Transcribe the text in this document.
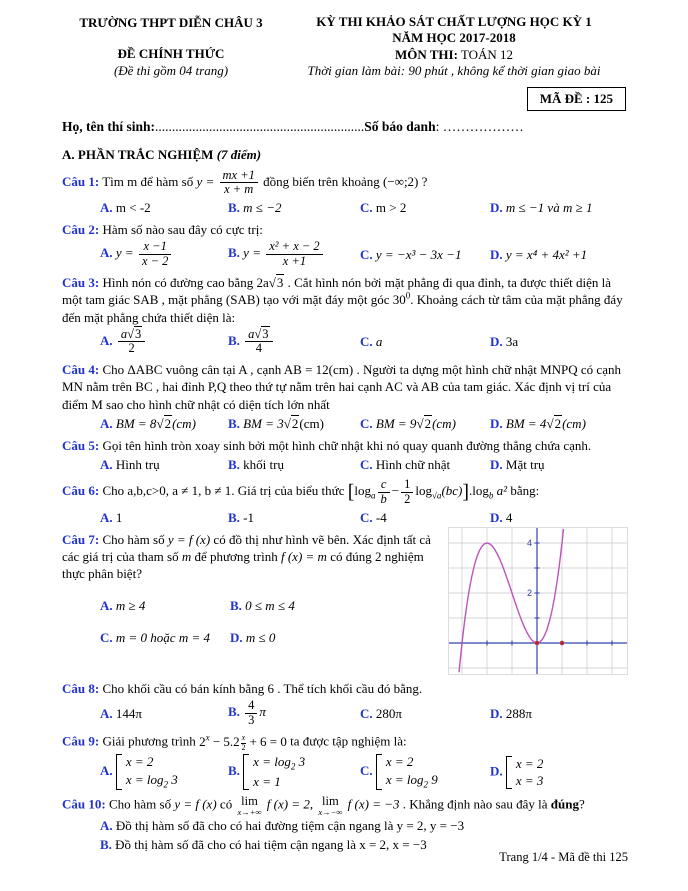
TRƯỜNG THPT DIỄN CHÂU 3
ĐỀ CHÍNH THỨC
(Đề thi gồm 04 trang)
KỲ THI KHẢO SÁT CHẤT LƯỢNG HỌC KỲ 1
NĂM HỌC 2017-2018
MÔN THI: TOÁN 12
Thời gian làm bài: 90 phút , không kể thời gian giao bài
MÃ ĐỀ : 125
Họ, tên thí sinh:..............................................................Số báo danh: ………………
A. PHẦN TRẮC NGHIỆM (7 điểm)
Câu 1: Tìm m để hàm số $y = \frac{mx +1}{x + m}$ đồng biến trên khoảng (−∞;2) ?
A. m < -2	B. m ≤ −2	C. m > 2	D. m ≤ −1 và m ≥ 1
Câu 2: Hàm số nào sau đây có cực trị:
A. $y = \frac{x -1}{x - 2}$	B. $y = \frac{\text{x² + x − 2}}{x +1}$	C. y = −x³ − 3x −1	D. y = x⁴ + 4x² +1
Câu 3: Hình nón có đường cao bằng 2a√3 . Cắt hình nón bởi mặt phẳng đi qua đỉnh, ta được thiết diện là một tam giác SAB , mặt phẳng (SAB) tạo với mặt đáy một góc $30^0$. Khoảng cách từ tâm của mặt phẳng đáy đến mặt phẳng chứa thiết diện là:
A. $\frac{a√3}{2}$	B. $\frac{a√3}{4}$	C. a	D. 3a
Câu 4: Cho ΔABC vuông cân tại A , cạnh AB = 12(cm) . Người ta dựng một hình chữ nhật MNPQ có cạnh MN nằm trên BC , hai đỉnh P,Q theo thứ tự nằm trên hai cạnh AC và AB của tam giác. Xác định vị trí của điểm M sao cho hình chữ nhật có diện tích lớn nhất
A. BM = 8√2(cm)	B. BM = 3√2(cm)	C. BM = 9√2(cm)	D. BM = 4√2(cm)
Câu 5: Gọi tên hình tròn xoay sinh bởi một hình chữ nhật khi nó quay quanh đường thẳng chứa cạnh.
A. Hình trụ	B. khối trụ	C. Hình chữ nhật	D. Mặt trụ
Câu 6: Cho a,b,c>0, a ≠ 1, b ≠ 1. Giá trị của biểu thức $[\log_a \frac{c}{b} - \frac{1}{2} \log_{√a}(bc)].\log_b$ a² bằng:
A. 1	B. -1	C. -4	D. 4
2
4
Câu 7: Cho hàm số y = f (x) có đồ thị như hình vẽ bên. Xác định tất cả các giá trị của tham số m để phương trình f (x) = m có đúng 2 nghiệm thực phân biệt?
A. m ≥ 4	B. 0 ≤ m ≤ 4
C. m = 0 hoặc m = 4	D. m ≤ 0
Câu 8: Cho khối cầu có bán kính bằng 6 . Thể tích khối cầu đó bằng.
A. 144π	B. $\frac{4}{3}$ π	C. 280π	D. 288π
Câu 9: Giải phương trình $2^x - 5.2 \frac{x}{2} + 6 = 0$ ta được tập nghiệm là:
A.
x = 2
$x = \log_2 3$
B.
$x = \log_2 3$
x = 1
C.
x = 2
$x = \log_2 9$
D.
x = 2
x = 3
Câu 10: Cho hàm số y = f (x) có lim
x→+∞
f (x) = 2, lim
x→−∞
f (x) = −3 . Khẳng định nào sau đây là đúng?
A. Đồ thị hàm số đã cho có hai đường tiệm cận ngang là y = 2, y = −3
B. Đồ thị hàm số đã cho có hai tiệm cận ngang là x = 2, x = −3
Trang 1/4 - Mã đề thi 125
